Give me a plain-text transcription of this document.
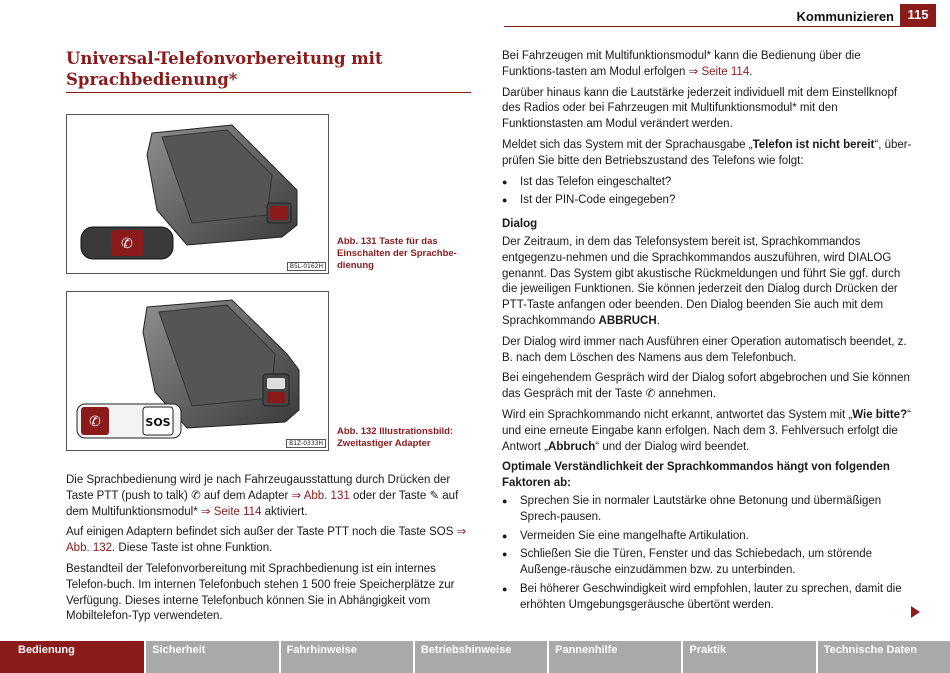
Kommunizieren	115
Universal-Telefonvorbereitung mit Sprachbedienung*
✆
B5L-0162H
Abb. 131 Taste für das Einschalten der Sprachbe-dienung
✆	SOS
B1Z-0333H
Abb. 132 Illustrationsbild: Zweitastiger Adapter

Die Sprachbedienung wird je nach Fahrzeugausstattung durch Drücken der Taste PTT (push to talk) ✆ auf dem Adapter ⇒ Abb. 131 oder der Taste ✎ auf dem Multifunktionsmodul* ⇒ Seite 114 aktiviert.

Auf einigen Adaptern befindet sich außer der Taste PTT noch die Taste SOS ⇒ Abb. 132. Diese Taste ist ohne Funktion.

Bestandteil der Telefonvorbereitung mit Sprachbedienung ist ein internes Telefon-buch. Im internen Telefonbuch stehen 1 500 freie Speicherplätze zur Verfügung. Dieses interne Telefonbuch können Sie in Abhängigkeit vom Mobiltelefon-Typ verwendeten.

Bei Fahrzeugen mit Multifunktionsmodul* kann die Bedienung über die Funktions-tasten am Modul erfolgen ⇒ Seite 114.

Darüber hinaus kann die Lautstärke jederzeit individuell mit dem Einstellknopf des Radios oder bei Fahrzeugen mit Multifunktionsmodul* mit den Funktionstasten am Modul verändert werden.

Meldet sich das System mit der Sprachausgabe „Telefon ist nicht bereit“, über-prüfen Sie bitte den Betriebszustand des Telefons wie folgt:

● Ist das Telefon eingeschaltet?
● Ist der PIN-Code eingegeben?
Dialog

Der Zeitraum, in dem das Telefonsystem bereit ist, Sprachkommandos entgegenzu-nehmen und die Sprachkommandos auszuführen, wird DIALOG genannt. Das System gibt akustische Rückmeldungen und führt Sie ggf. durch die jeweiligen Funktionen. Sie können jederzeit den Dialog durch Drücken der PTT-Taste anfangen oder beenden. Den Dialog beenden Sie auch mit dem Sprachkommando ABBRUCH.

Der Dialog wird immer nach Ausführen einer Operation automatisch beendet, z. B. nach dem Löschen des Namens aus dem Telefonbuch.

Bei eingehendem Gespräch wird der Dialog sofort abgebrochen und Sie können das Gespräch mit der Taste ✆ annehmen.

Wird ein Sprachkommando nicht erkannt, antwortet das System mit „Wie bitte?“ und eine erneute Eingabe kann erfolgen. Nach dem 3. Fehlversuch erfolgt die Antwort „Abbruch“ und der Dialog wird beendet.

Optimale Verständlichkeit der Sprachkommandos hängt von folgenden Faktoren ab:
● Sprechen Sie in normaler Lautstärke ohne Betonung und übermäßigen Sprech-pausen.
● Vermeiden Sie eine mangelhafte Artikulation.
● Schließen Sie die Türen, Fenster und das Schiebedach, um störende Außenge-räusche einzudämmen bzw. zu unterbinden.
● Bei höherer Geschwindigkeit wird empfohlen, lauter zu sprechen, damit die erhöhten Umgebungsgeräusche übertönt werden.
Bedienung	Sicherheit	Fahrhinweise	Betriebshinweise	Pannenhilfe	Praktik	Technische Daten
